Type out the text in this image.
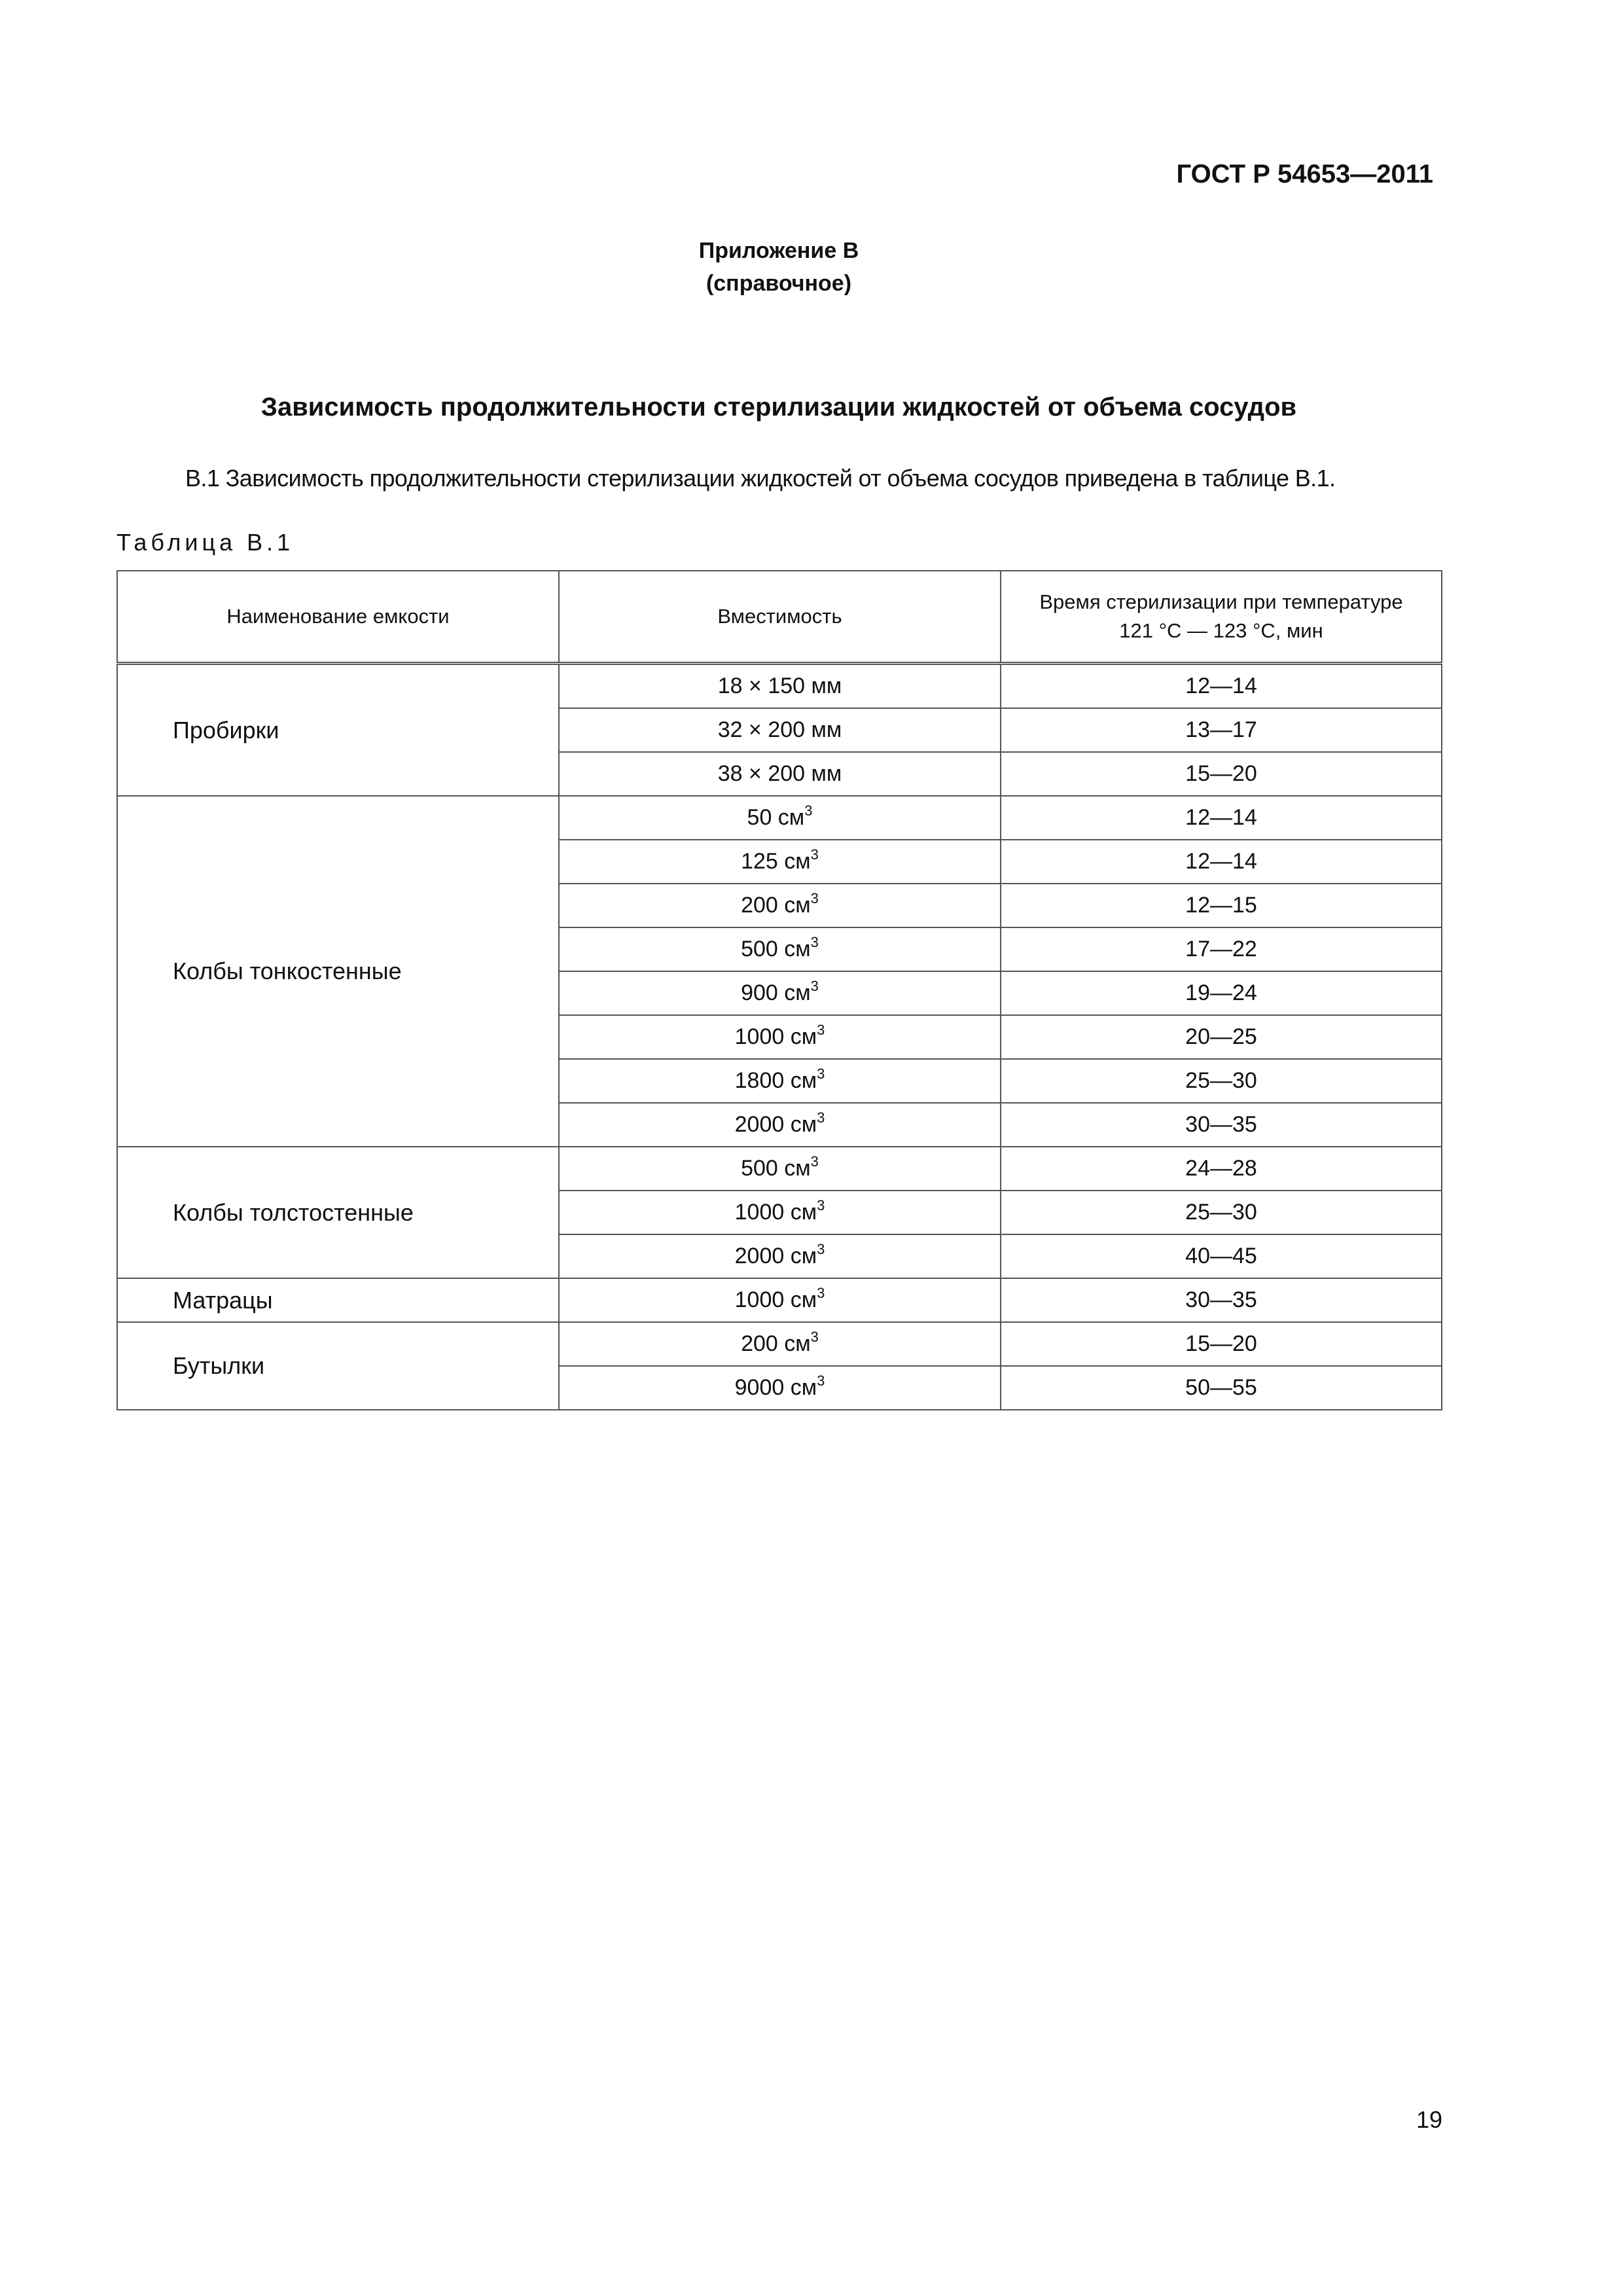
ГОСТ Р 54653—2011
Приложение В
(справочное)
Зависимость продолжительности стерилизации жидкостей от объема сосудов
В.1 Зависимость продолжительности стерилизации жидкостей от объема сосудов приведена в таблице В.1.
Таблица В.1
Наименование емкости	Вместимость	Время стерилизации при температуре
121 °С — 123 °С, мин

Пробирки	18 × 150 мм	12—14
	32 × 200 мм	13—17
	38 × 200 мм	15—20
Колбы тонкостенные	50 $см^3$	12—14
	125 $см^3$	12—14
	200 $см^3$	12—15
	500 $см^3$	17—22
	900 $см^3$	19—24
	1000 $см^3$	20—25
	1800 $см^3$	25—30
	2000 $см^3$	30—35
Колбы толстостенные	500 $см^3$	24—28
	1000 $см^3$	25—30
	2000 $см^3$	40—45
Матрацы	1000 $см^3$	30—35
Бутылки	200 $см^3$	15—20
	9000 $см^3$	50—55
19
